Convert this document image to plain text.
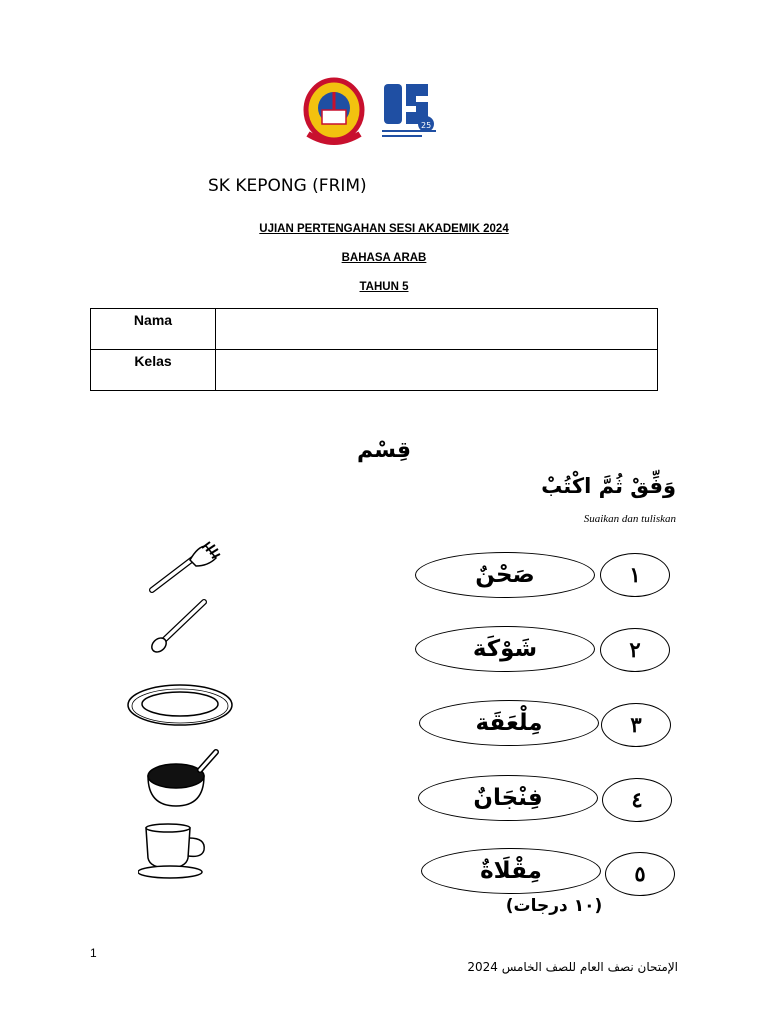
25
SK KEPONG (FRIM)
UJIAN PERTENGAHAN SESI AKADEMIK 2024
BAHASA ARAB
TAHUN 5
Nama	
Kelas	
قِسْم
وَفِّقْ ثُمَّ اكْتُبْ
Suaikan dan tuliskan
صَحْنٌ	١
شَوْكَة	٢
مِلْعَقَة	٣
فِنْجَانٌ	٤
مِقْلَاةٌ	٥
(١٠ درجات)
1
الإمتحان نصف العام للصف الخامس 2024
